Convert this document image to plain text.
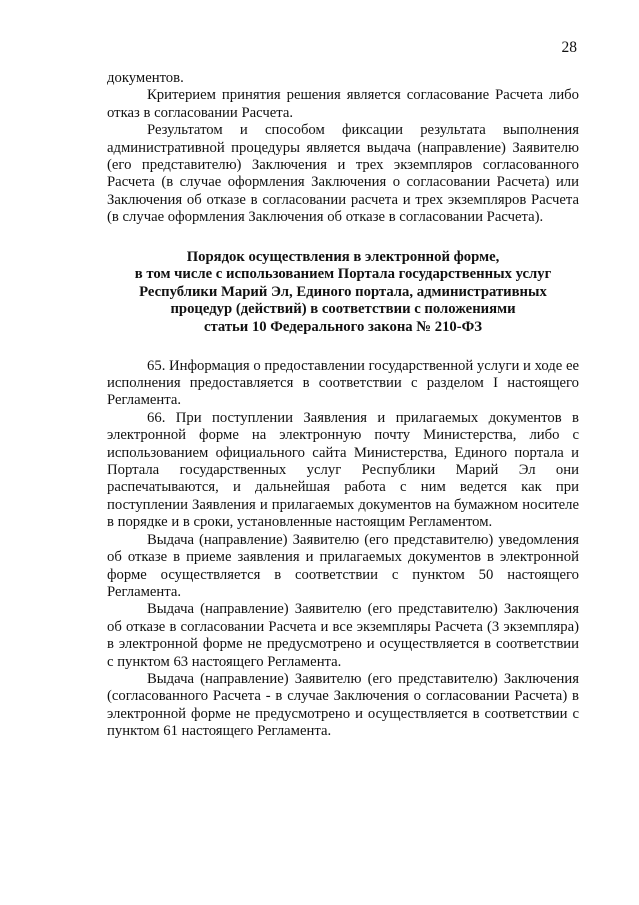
28

документов.

Критерием принятия решения является согласование Расчета либо отказ в согласовании Расчета.

Результатом и способом фиксации результата выполнения административной процедуры является выдача (направление) Заявителю (его представителю) Заключения и трех экземпляров согласованного Расчета (в случае оформления Заключения о согласовании Расчета) или Заключения об отказе в согласовании расчета и трех экземпляров Расчета (в случае оформления Заключения об отказе в согласовании Расчета).

Порядок осуществления в электронной форме,
в том числе с использованием Портала государственных услуг
Республики Марий Эл, Единого портала, административных
процедур (действий) в соответствии с положениями
статьи 10 Федерального закона № 210-ФЗ

65. Информация о предоставлении государственной услуги и ходе ее исполнения предоставляется в соответствии с разделом I настоящего Регламента.

66. При поступлении Заявления и прилагаемых документов в электронной форме на электронную почту Министерства, либо с использованием официального сайта Министерства, Единого портала и Портала государственных услуг Республики Марий Эл они распечатываются, и дальнейшая работа с ним ведется как при поступлении Заявления и прилагаемых документов на бумажном носителе в порядке и в сроки, установленные настоящим Регламентом.

Выдача (направление) Заявителю (его представителю) уведомления об отказе в приеме заявления и прилагаемых документов в электронной форме осуществляется в соответствии с пунктом 50 настоящего Регламента.

Выдача (направление) Заявителю (его представителю) Заключения об отказе в согласовании Расчета и все экземпляры Расчета (3 экземпляра) в электронной форме не предусмотрено и осуществляется в соответствии с пунктом 63 настоящего Регламента.

Выдача (направление) Заявителю (его представителю) Заключения (согласованного Расчета - в случае Заключения о согласовании Расчета) в электронной форме не предусмотрено и осуществляется в соответствии с пунктом 61 настоящего Регламента.
